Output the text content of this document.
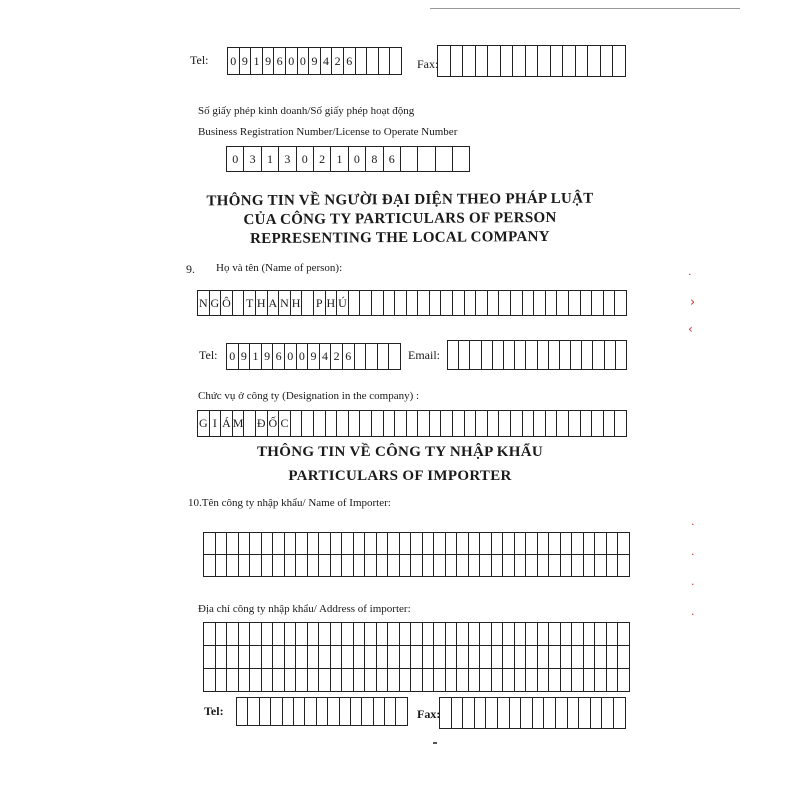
Tel: 0 9 1 9 6 0 0 9 4 2 6	Fax:
Số giấy phép kinh doanh/Số giấy phép hoạt động
Business Registration Number/License to Operate Number
0 3 1 3 0 2 1 0 8 6
THÔNG TIN VỀ NGƯỜI ĐẠI DIỆN THEO PHÁP LUẬT
CỦA CÔNG TY PARTICULARS OF PERSON
REPRESENTING THE LOCAL COMPANY
9. Họ và tên (Name of person):
N G Ô T H A N H P H Ú
Tel: 0 9 1 9 6 0 0 9 4 2 6	Email:
Chức vụ ở công ty (Designation in the company) :
G I Á M Đ Ố C
THÔNG TIN VỀ CÔNG TY NHẬP KHẨU
PARTICULARS OF IMPORTER
10.Tên công ty nhập khẩu/ Name of Importer:
Địa chỉ công ty nhập khẩu/ Address of importer:
Tel:	Fax:
·
›
‹
·
·
·
·
